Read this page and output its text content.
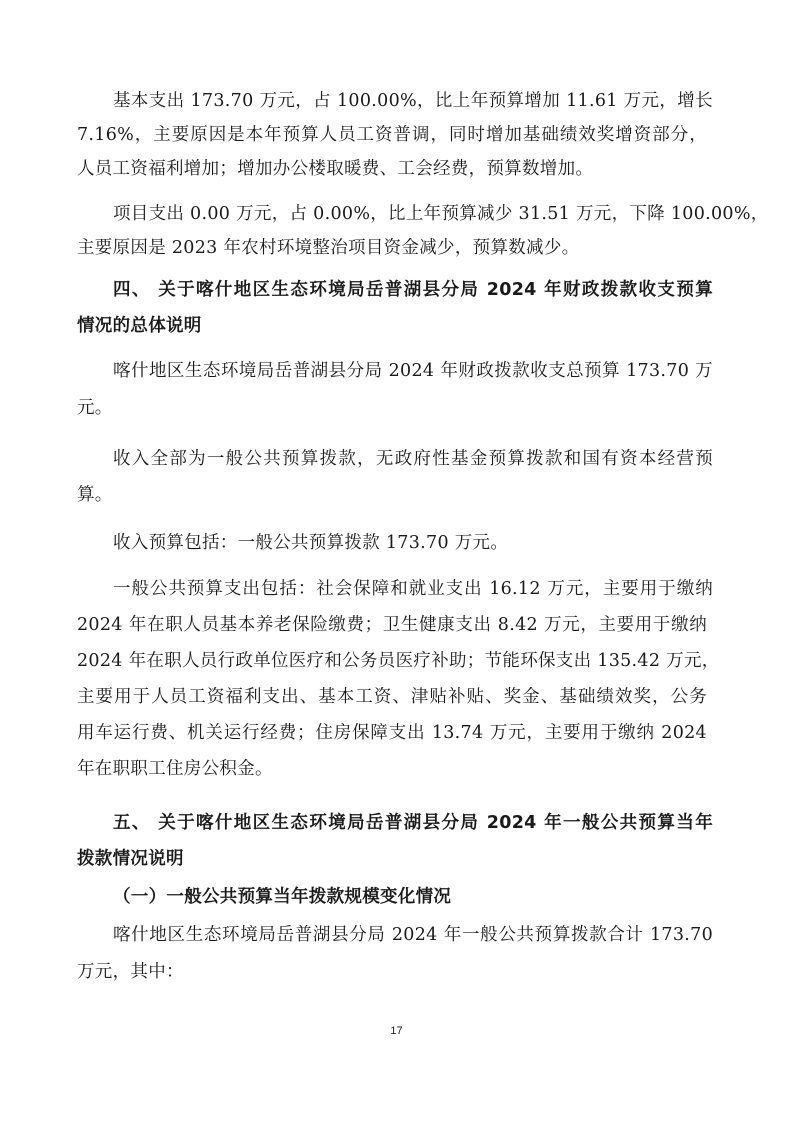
基本支出 173.70 万元，占 100.00%，比上年预算增加 11.61 万元，增长
7.16%，主要原因是本年预算人员工资普调，同时增加基础绩效奖增资部分，
人员工资福利增加；增加办公楼取暖费、工会经费，预算数增加。
项目支出 0.00 万元，占 0.00%，比上年预算减少 31.51 万元，下降 100.00%，
主要原因是 2023 年农村环境整治项目资金减少，预算数减少。
四、 关于喀什地区生态环境局岳普湖县分局 2024 年财政拨款收支预算
情况的总体说明
喀什地区生态环境局岳普湖县分局 2024 年财政拨款收支总预算 173.70 万
元。
收入全部为一般公共预算拨款，无政府性基金预算拨款和国有资本经营预
算。
收入预算包括：一般公共预算拨款 173.70 万元。
一般公共预算支出包括：社会保障和就业支出 16.12 万元，主要用于缴纳
2024 年在职人员基本养老保险缴费；卫生健康支出 8.42 万元，主要用于缴纳
2024 年在职人员行政单位医疗和公务员医疗补助；节能环保支出 135.42 万元，
主要用于人员工资福利支出、基本工资、津贴补贴、奖金、基础绩效奖，公务
用车运行费、机关运行经费；住房保障支出 13.74 万元，主要用于缴纳 2024
年在职职工住房公积金。
五、 关于喀什地区生态环境局岳普湖县分局 2024 年一般公共预算当年
拨款情况说明
（一）一般公共预算当年拨款规模变化情况
喀什地区生态环境局岳普湖县分局 2024 年一般公共预算拨款合计 173.70
万元，其中：
17
